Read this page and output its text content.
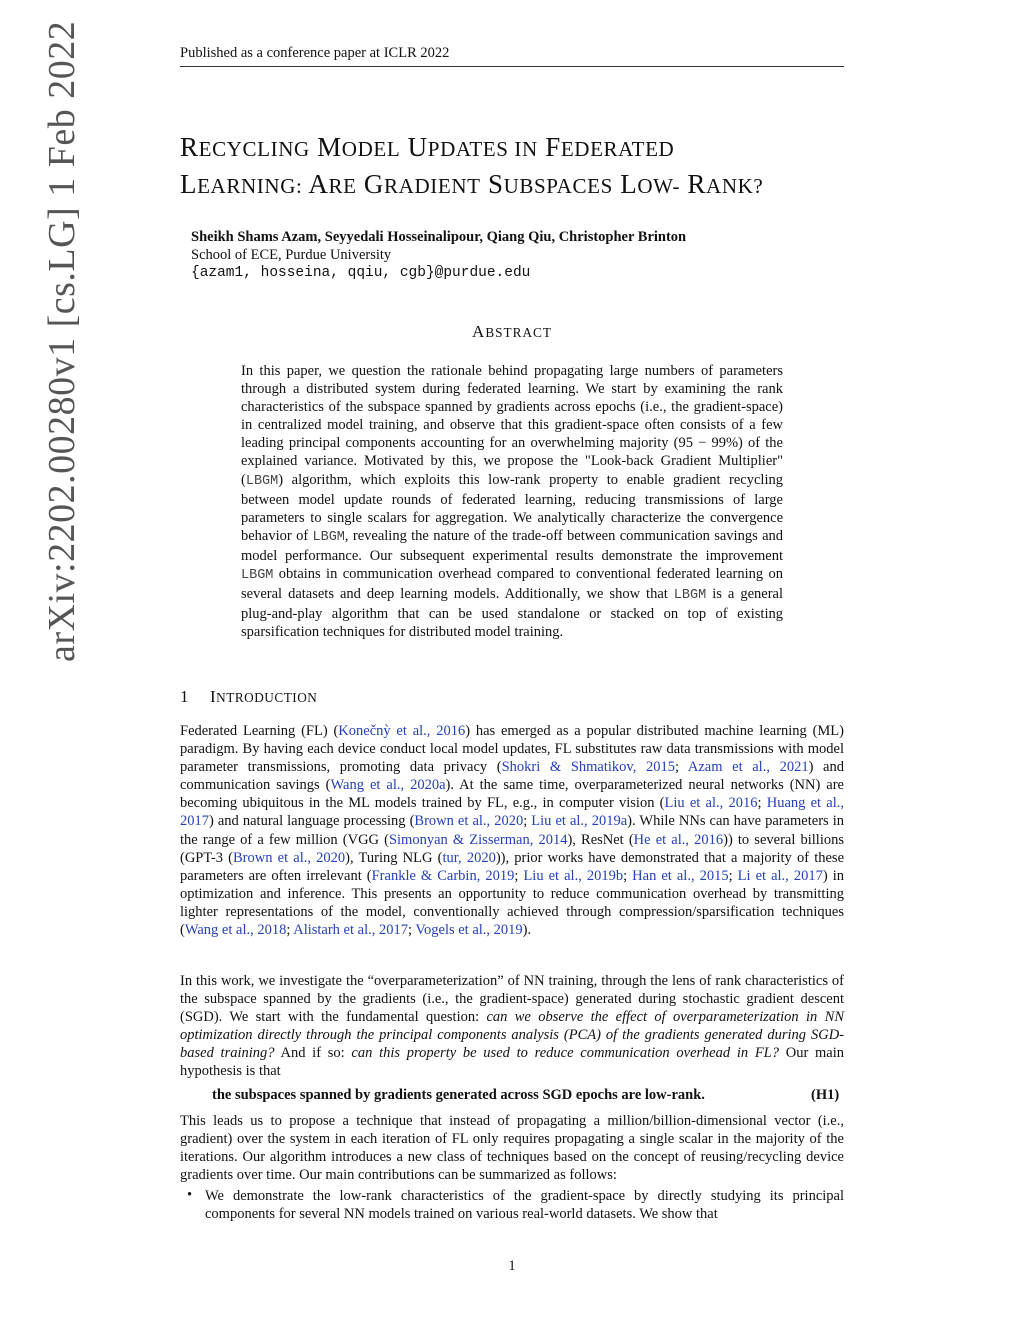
Published as a conference paper at ICLR 2022
arXiv:2202.00280v1 [cs.LG] 1 Feb 2022	RECYCLING MODEL UPDATES IN FEDERATED
LEARNING: ARE GRADIENT SUBSPACES LOW- RANK?
Sheikh Shams Azam, Seyyedali Hosseinalipour, Qiang Qiu, Christopher Brinton
School of ECE, Purdue University
{azam1, hosseina, qqiu, cgb}@purdue.edu
ABSTRACT
In this paper, we question the rationale behind propagating large numbers of parameters through a distributed system during federated learning. We start by examining the rank characteristics of the subspace spanned by gradients across epochs (i.e., the gradient-space) in centralized model training, and observe that this gradient-space often consists of a few leading principal components accounting for an overwhelming majority (95 − 99%) of the explained variance. Motivated by this, we propose the "Look-back Gradient Multiplier" (LBGM) algorithm, which exploits this low-rank property to enable gradient recycling between model update rounds of federated learning, reducing transmissions of large parameters to single scalars for aggregation. We analytically characterize the convergence behavior of LBGM, revealing the nature of the trade-off between communication savings and model performance. Our subsequent experimental results demonstrate the improvement LBGM obtains in communication overhead compared to conventional federated learning on several datasets and deep learning models. Additionally, we show that LBGM is a general plug-and-play algorithm that can be used standalone or stacked on top of existing sparsification techniques for distributed model training.
1 INTRODUCTION
Federated Learning (FL) (Konečnỳ et al., 2016) has emerged as a popular distributed machine learning (ML) paradigm. By having each device conduct local model updates, FL substitutes raw data transmissions with model parameter transmissions, promoting data privacy (Shokri & Shmatikov, 2015; Azam et al., 2021) and communication savings (Wang et al., 2020a). At the same time, overparameterized neural networks (NN) are becoming ubiquitous in the ML models trained by FL, e.g., in computer vision (Liu et al., 2016; Huang et al., 2017) and natural language processing (Brown et al., 2020; Liu et al., 2019a). While NNs can have parameters in the range of a few million (VGG (Simonyan & Zisserman, 2014), ResNet (He et al., 2016)) to several billions (GPT-3 (Brown et al., 2020), Turing NLG (tur, 2020)), prior works have demonstrated that a majority of these parameters are often irrelevant (Frankle & Carbin, 2019; Liu et al., 2019b; Han et al., 2015; Li et al., 2017) in optimization and inference. This presents an opportunity to reduce communication overhead by transmitting lighter representations of the model, conventionally achieved through compression/sparsification techniques (Wang et al., 2018; Alistarh et al., 2017; Vogels et al., 2019).
In this work, we investigate the “overparameterization” of NN training, through the lens of rank characteristics of the subspace spanned by the gradients (i.e., the gradient-space) generated during stochastic gradient descent (SGD). We start with the fundamental question: can we observe the effect of overparameterization in NN optimization directly through the principal components analysis (PCA) of the gradients generated during SGD-based training? And if so: can this property be used to reduce communication overhead in FL? Our main hypothesis is that
the subspaces spanned by gradients generated across SGD epochs are low-rank.	(H1)
This leads us to propose a technique that instead of propagating a million/billion-dimensional vector (i.e., gradient) over the system in each iteration of FL only requires propagating a single scalar in the majority of the iterations. Our algorithm introduces a new class of techniques based on the concept of reusing/recycling device gradients over time. Our main contributions can be summarized as follows:
• We demonstrate the low-rank characteristics of the gradient-space by directly studying its principal components for several NN models trained on various real-world datasets. We show that
1
